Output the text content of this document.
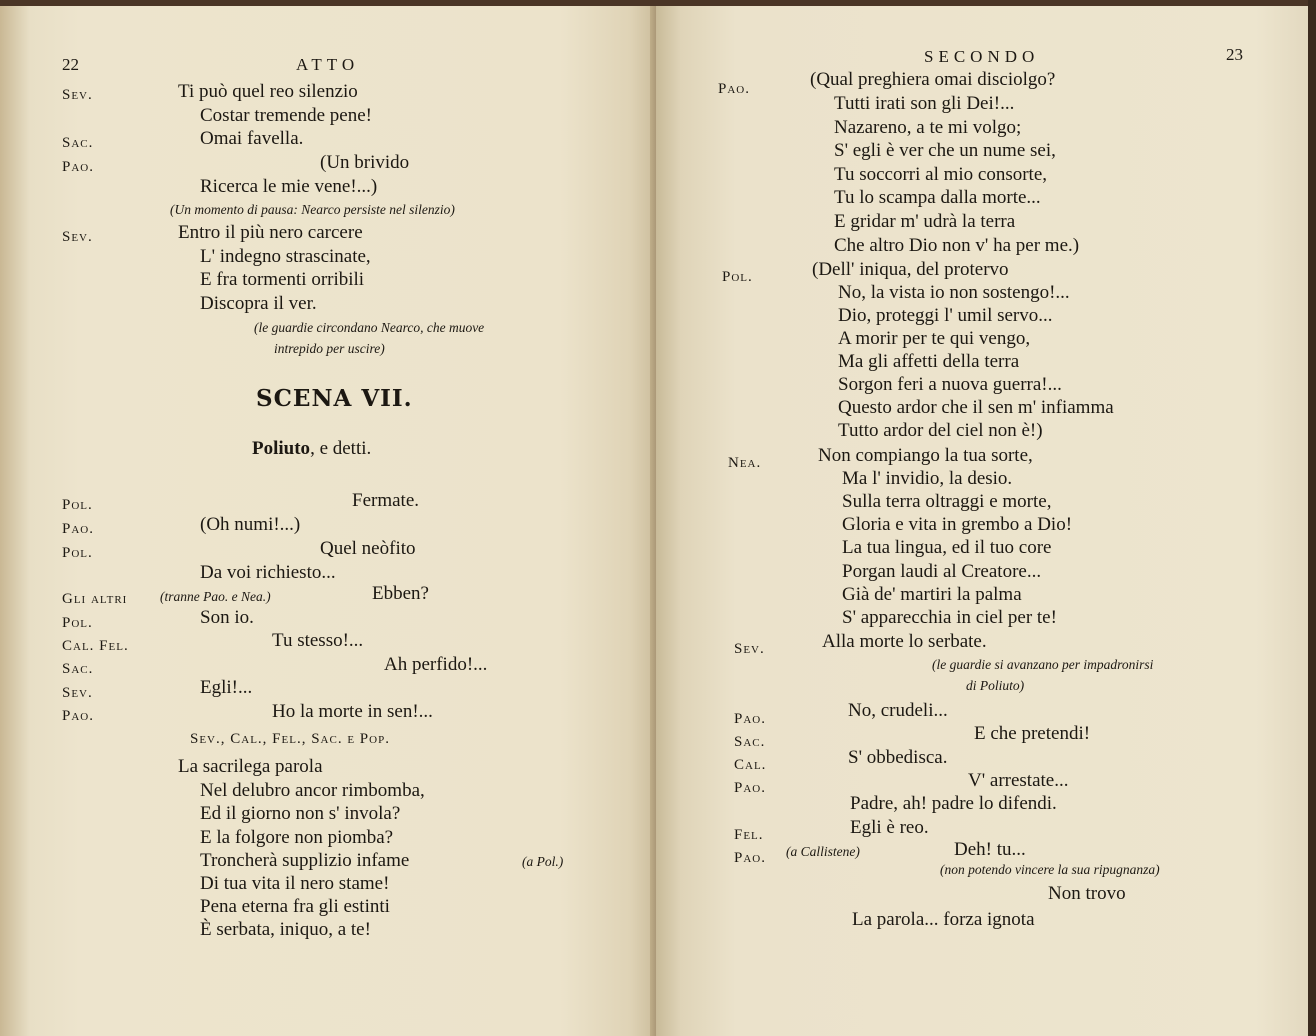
22	ATTO
Sev.	Ti può quel reo silenzio
Costar tremende pene!
Sac.	Omai favella.
Pao.	(Un brivido
Ricerca le mie vene!...)
(Un momento di pausa: Nearco persiste nel silenzio)
Sev.	Entro il più nero carcere
L' indegno strascinate,
E fra tormenti orribili
Discopra il ver.
(le guardie circondano Nearco, che muove
intrepido per uscire)
SCENA VII.
Poliuto, e detti.
Pol.	Fermate.
Pao.	(Oh numi!...)
Pol.	Quel neòfito
Da voi richiesto...
Gli altri (tranne Pao. e Nea.)	Ebben?
Pol.	Son io.
Cal. Fel.	Tu stesso!...
Sac.	Ah perfido!...
Sev.	Egli!...
Pao.	Ho la morte in sen!...
Sev., Cal., Fel., Sac. e Pop.
La sacrilega parola
Nel delubro ancor rimbomba,
Ed il giorno non s' invola?
E la folgore non piomba?
Troncherà supplizio infame	(a Pol.)
Di tua vita il nero stame!
Pena eterna fra gli estinti
È serbata, iniquo, a te!
SECONDO	23
Pao.	(Qual preghiera omai disciolgo?
Tutti irati son gli Dei!...
Nazareno, a te mi volgo;
S' egli è ver che un nume sei,
Tu soccorri al mio consorte,
Tu lo scampa dalla morte...
E gridar m' udrà la terra
Che altro Dio non v' ha per me.)
Pol.	(Dell' iniqua, del protervo
No, la vista io non sostengo!...
Dio, proteggi l' umil servo...
A morir per te qui vengo,
Ma gli affetti della terra
Sorgon feri a nuova guerra!...
Questo ardor che il sen m' infiamma
Tutto ardor del ciel non è!)
Nea.	Non compiango la tua sorte,
Ma l' invidio, la desio.
Sulla terra oltraggi e morte,
Gloria e vita in grembo a Dio!
La tua lingua, ed il tuo core
Porgan laudi al Creatore...
Già de' martiri la palma
S' apparecchia in ciel per te!
Sev.	Alla morte lo serbate.
(le guardie si avanzano per impadronirsi
di Poliuto)
Pao.	No, crudeli...
Sac.	E che pretendi!
Cal.	S' obbedisca.
Pao.	V' arrestate...
Padre, ah! padre lo difendi.
Fel.	Egli è reo.
Pao. (a Callistene)	Deh! tu...
(non potendo vincere la sua ripugnanza)
Non trovo
La parola... forza ignota
